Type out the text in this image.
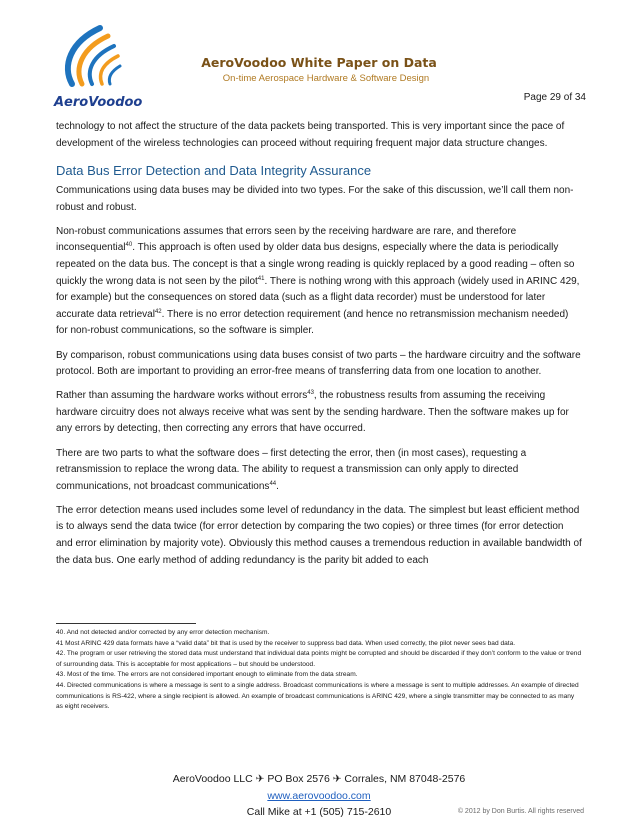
AeroVoodoo
AeroVoodoo White Paper on Data
On-time Aerospace Hardware & Software Design
Page 29 of 34

technology to not affect the structure of the data packets being transported. This is very important since the pace of development of the wireless technologies can proceed without requiring frequent major data structure changes.

Data Bus Error Detection and Data Integrity Assurance

Communications using data buses may be divided into two types. For the sake of this discussion, we’ll call them non-robust and robust.

Non-robust communications assumes that errors seen by the receiving hardware are rare, and therefore inconsequential$^{40}$. This approach is often used by older data bus designs, especially where the data is periodically repeated on the data bus. The concept is that a single wrong reading is quickly replaced by a good reading – often so quickly the wrong data is not seen by the pilot$^{41}$. There is nothing wrong with this approach (widely used in ARINC 429, for example) but the consequences on stored data (such as a flight data recorder) must be understood for later accurate data retrieval$^{42}$. There is no error detection requirement (and hence no retransmission mechanism needed) for non-robust communications, so the software is simpler.

By comparison, robust communications using data buses consist of two parts – the hardware circuitry and the software protocol. Both are important to providing an error-free means of transferring data from one location to another.

Rather than assuming the hardware works without errors$^{43}$, the robustness results from assuming the receiving hardware circuitry does not always receive what was sent by the sending hardware. Then the software makes up for any errors by detecting, then correcting any errors that have occurred.

There are two parts to what the software does – first detecting the error, then (in most cases), requesting a retransmission to replace the wrong data. The ability to request a transmission can only apply to directed communications, not broadcast communications$^{44}$.

The error detection means used includes some level of redundancy in the data. The simplest but least efficient method is to always send the data twice (for error detection by comparing the two copies) or three times (for error detection and error elimination by majority vote). Obviously this method causes a tremendous reduction in available bandwidth of the data bus. One early method of adding redundancy is the parity bit added to each

40. And not detected and/or corrected by any error detection mechanism.
41 Most ARINC 429 data formats have a “valid data” bit that is used by the receiver to suppress bad data. When used correctly, the pilot never sees bad data.
42. The program or user retrieving the stored data must understand that individual data points might be corrupted and should be discarded if they don’t conform to the value or trend of surrounding data. This is acceptable for most applications – but should be understood.
43. Most of the time. The errors are not considered important enough to eliminate from the data stream.
44. Directed communications is where a message is sent to a single address. Broadcast communications is where a message is sent to multiple addresses. An example of directed communications is RS-422, where a single recipient is allowed. An example of broadcast communications is ARINC 429, where a single transmitter may be connected to as many as eight receivers.
AeroVoodoo LLC ✈ PO Box 2576 ✈ Corrales, NM 87048-2576
www.aerovoodoo.com
Call Mike at +1 (505) 715-2610	© 2012 by Don Burtis. All rights reserved
